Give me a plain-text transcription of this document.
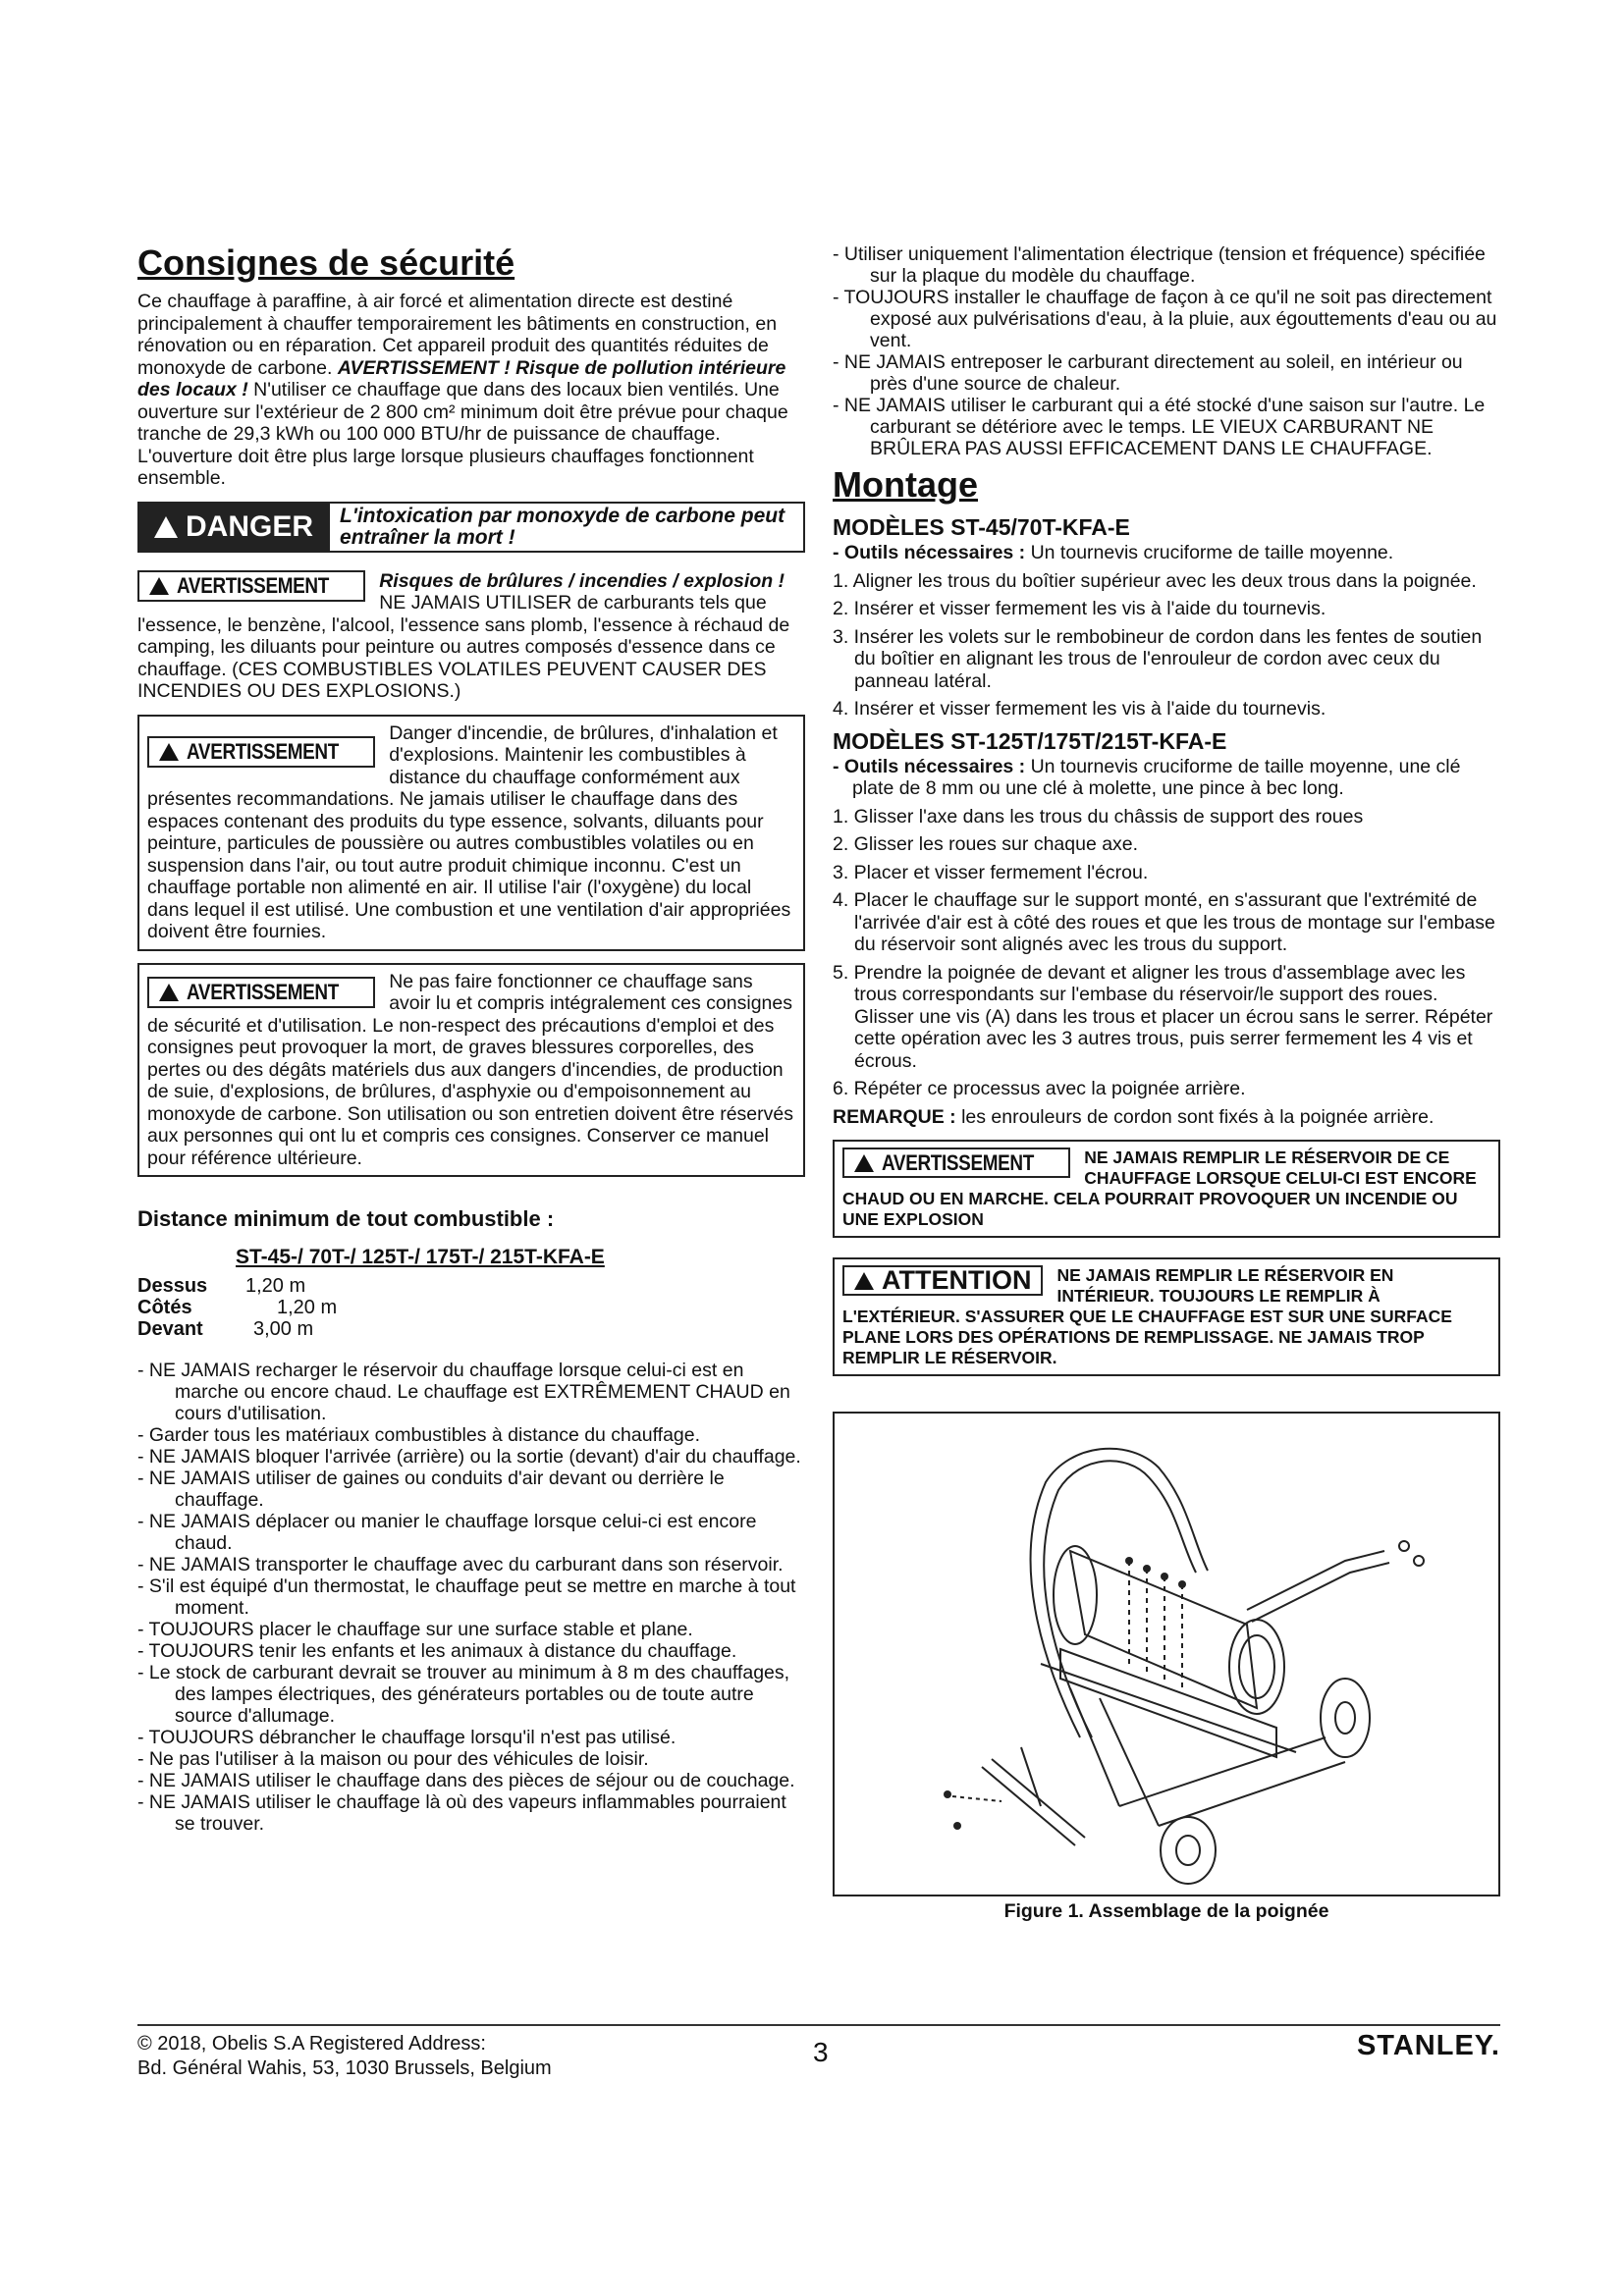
Consignes de sécurité

Ce chauffage à paraffine, à air forcé et alimentation directe est destiné principalement à chauffer temporairement les bâtiments en construction, en rénovation ou en réparation. Cet appareil produit des quantités réduites de monoxyde de carbone. AVERTISSEMENT ! Risque de pollution intérieure des locaux ! N'utiliser ce chauffage que dans des locaux bien ventilés. Une ouverture sur l'extérieur de 2 800 cm² minimum doit être prévue pour chaque tranche de 29,3 kWh ou 100 000 BTU/hr de puissance de chauffage. L'ouverture doit être plus large lorsque plusieurs chauffages fonctionnent ensemble.

DANGER	L'intoxication par monoxyde de carbone peut entraîner la mort !
AVERTISSEMENT	Risques de brûlures / incendies / explosion ! NE JAMAIS UTILISER de carburants tels que l'essence, le benzène, l'alcool, l'essence sans plomb, l'essence à réchaud de camping, les diluants pour peinture ou autres composés d'essence dans ce chauffage. (CES COMBUSTIBLES VOLATILES PEUVENT CAUSER DES INCENDIES OU DES EXPLOSIONS.)
AVERTISSEMENT
Danger d'incendie, de brûlures, d'inhalation et d'explosions. Maintenir les combustibles à distance du chauffage conformément aux présentes recommandations. Ne jamais utiliser le chauffage dans des espaces contenant des produits du type essence, solvants, diluants pour peinture, particules de poussière ou autres combustibles volatiles ou en suspension dans l'air, ou tout autre produit chimique inconnu. C'est un chauffage portable non alimenté en air. Il utilise l'air (l'oxygène) du local dans lequel il est utilisé. Une combustion et une ventilation d'air appropriées doivent être fournies.
AVERTISSEMENT	Ne pas faire fonctionner ce chauffage sans avoir lu et compris intégralement ces consignes de sécurité et d'utilisation. Le non-respect des précautions d'emploi et des consignes peut provoquer la mort, de graves blessures corporelles, des pertes ou des dégâts matériels dus aux dangers d'incendies, de production de suie, d'explosions, de brûlures, d'asphyxie ou d'empoisonnement au monoxyde de carbone. Son utilisation ou son entretien doivent être réservés aux personnes qui ont lu et compris ces consignes. Conserver ce manuel pour référence ultérieure.
Distance minimum de tout combustible :
ST-45-/ 70T-/ 125T-/ 175T-/ 215T-KFA-E
Dessus	1,20 m
Côtés	1,20 m
Devant	3,00 m
- NE JAMAIS recharger le réservoir du chauffage lorsque celui-ci est en marche ou encore chaud. Le chauffage est EXTRÊMEMENT CHAUD en cours d'utilisation.
- Garder tous les matériaux combustibles à distance du chauffage.
- NE JAMAIS bloquer l'arrivée (arrière) ou la sortie (devant) d'air du chauffage.
- NE JAMAIS utiliser de gaines ou conduits d'air devant ou derrière le chauffage.
- NE JAMAIS déplacer ou manier le chauffage lorsque celui-ci est encore chaud.
- NE JAMAIS transporter le chauffage avec du carburant dans son réservoir.
- S'il est équipé d'un thermostat, le chauffage peut se mettre en marche à tout moment.
- TOUJOURS placer le chauffage sur une surface stable et plane.
- TOUJOURS tenir les enfants et les animaux à distance du chauffage.
- Le stock de carburant devrait se trouver au minimum à 8 m des chauffages, des lampes électriques, des générateurs portables ou de toute autre source d'allumage.
- TOUJOURS débrancher le chauffage lorsqu'il n'est pas utilisé.
- Ne pas l'utiliser à la maison ou pour des véhicules de loisir.
- NE JAMAIS utiliser le chauffage dans des pièces de séjour ou de couchage.
- NE JAMAIS utiliser le chauffage là où des vapeurs inflammables pourraient se trouver.
- Utiliser uniquement l'alimentation électrique (tension et fréquence) spécifiée sur la plaque du modèle du chauffage.
- TOUJOURS installer le chauffage de façon à ce qu'il ne soit pas directement exposé aux pulvérisations d'eau, à la pluie, aux égouttements d'eau ou au vent.
- NE JAMAIS entreposer le carburant directement au soleil, en intérieur ou près d'une source de chaleur.
- NE JAMAIS utiliser le carburant qui a été stocké d'une saison sur l'autre. Le carburant se détériore avec le temps. LE VIEUX CARBURANT NE BRÛLERA PAS AUSSI EFFICACEMENT DANS LE CHAUFFAGE.
Montage
MODÈLES ST-45/70T-KFA-E
- Outils nécessaires : Un tournevis cruciforme de taille moyenne.
1. Aligner les trous du boîtier supérieur avec les deux trous dans la poignée.
2. Insérer et visser fermement les vis à l'aide du tournevis.
3. Insérer les volets sur le rembobineur de cordon dans les fentes de soutien du boîtier en alignant les trous de l'enrouleur de cordon avec ceux du panneau latéral.
4. Insérer et visser fermement les vis à l'aide du tournevis.
MODÈLES ST-125T/175T/215T-KFA-E
- Outils nécessaires : Un tournevis cruciforme de taille moyenne, une clé plate de 8 mm ou une clé à molette, une pince à bec long.
1. Glisser l'axe dans les trous du châssis de support des roues
2. Glisser les roues sur chaque axe.
3. Placer et visser fermement l'écrou.
4. Placer le chauffage sur le support monté, en s'assurant que l'extrémité de l'arrivée d'air est à côté des roues et que les trous de montage sur l'embase du réservoir sont alignés avec les trous du support.
5. Prendre la poignée de devant et aligner les trous d'assemblage avec les trous correspondants sur l'embase du réservoir/le support des roues. Glisser une vis (A) dans les trous et placer un écrou sans le serrer. Répéter cette opération avec les 3 autres trous, puis serrer fermement les 4 vis et écrous.
6. Répéter ce processus avec la poignée arrière.
REMARQUE : les enrouleurs de cordon sont fixés à la poignée arrière.
AVERTISSEMENT	NE JAMAIS REMPLIR LE RÉSERVOIR DE CE CHAUFFAGE LORSQUE CELUI-CI EST ENCORE CHAUD OU EN MARCHE. CELA POURRAIT PROVOQUER UN INCENDIE OU UNE EXPLOSION
ATTENTION NE JAMAIS REMPLIR LE RÉSERVOIR EN INTÉRIEUR. TOUJOURS LE REMPLIR À L'EXTÉRIEUR. S'ASSURER QUE LE CHAUFFAGE EST SUR UNE SURFACE PLANE LORS DES OPÉRATIONS DE REMPLISSAGE. NE JAMAIS TROP REMPLIR LE RÉSERVOIR.
Figure 1. Assemblage de la poignée
© 2018, Obelis S.A Registered Address:
Bd. Général Wahis, 53, 1030 Brussels, Belgium
3	STANLEY.
